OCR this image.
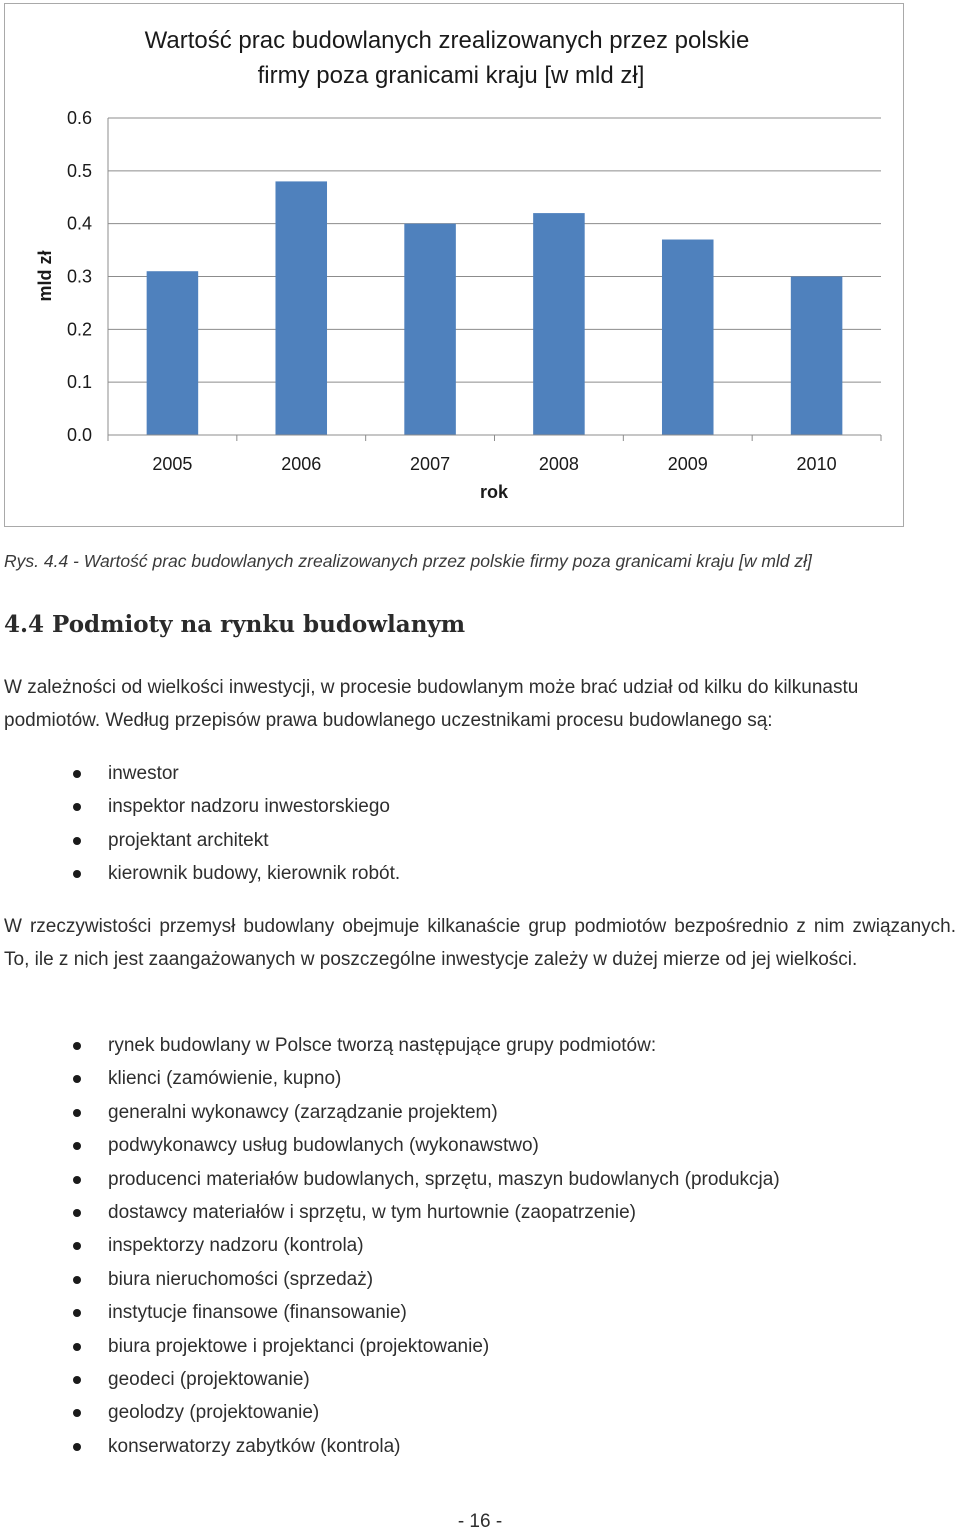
Wartość prac budowlanych zrealizowanych przez polskie
firmy poza granicami kraju [w mld zł]
0.0
0.1
0.2
0.3
0.4
0.5
0.6
2005	2006	2007	2008	2009	2010
rok
mld zł
Rys. 4.4 - Wartość prac budowlanych zrealizowanych przez polskie firmy poza granicami kraju [w mld zł]
4.4 Podmioty na rynku budowlanym
W zależności od wielkości inwestycji, w procesie budowlanym może brać udział od kilku do kilkunastu podmiotów. Według przepisów prawa budowlanego uczestnikami procesu budowlanego są:
inwestor
inspektor nadzoru inwestorskiego
projektant architekt
kierownik budowy, kierownik robót.
W rzeczywistości przemysł budowlany obejmuje kilkanaście grup podmiotów bezpośrednio z nim związanych. To, ile z nich jest zaangażowanych w poszczególne inwestycje zależy w dużej mierze od jej wielkości.
rynek budowlany w Polsce tworzą następujące grupy podmiotów:
klienci (zamówienie, kupno)
generalni wykonawcy (zarządzanie projektem)
podwykonawcy usług budowlanych (wykonawstwo)
producenci materiałów budowlanych, sprzętu, maszyn budowlanych (produkcja)
dostawcy materiałów i sprzętu, w tym hurtownie (zaopatrzenie)
inspektorzy nadzoru (kontrola)
biura nieruchomości (sprzedaż)
instytucje finansowe (finansowanie)
biura projektowe i projektanci (projektowanie)
geodeci (projektowanie)
geolodzy (projektowanie)
konserwatorzy zabytków (kontrola)
- 16 -
